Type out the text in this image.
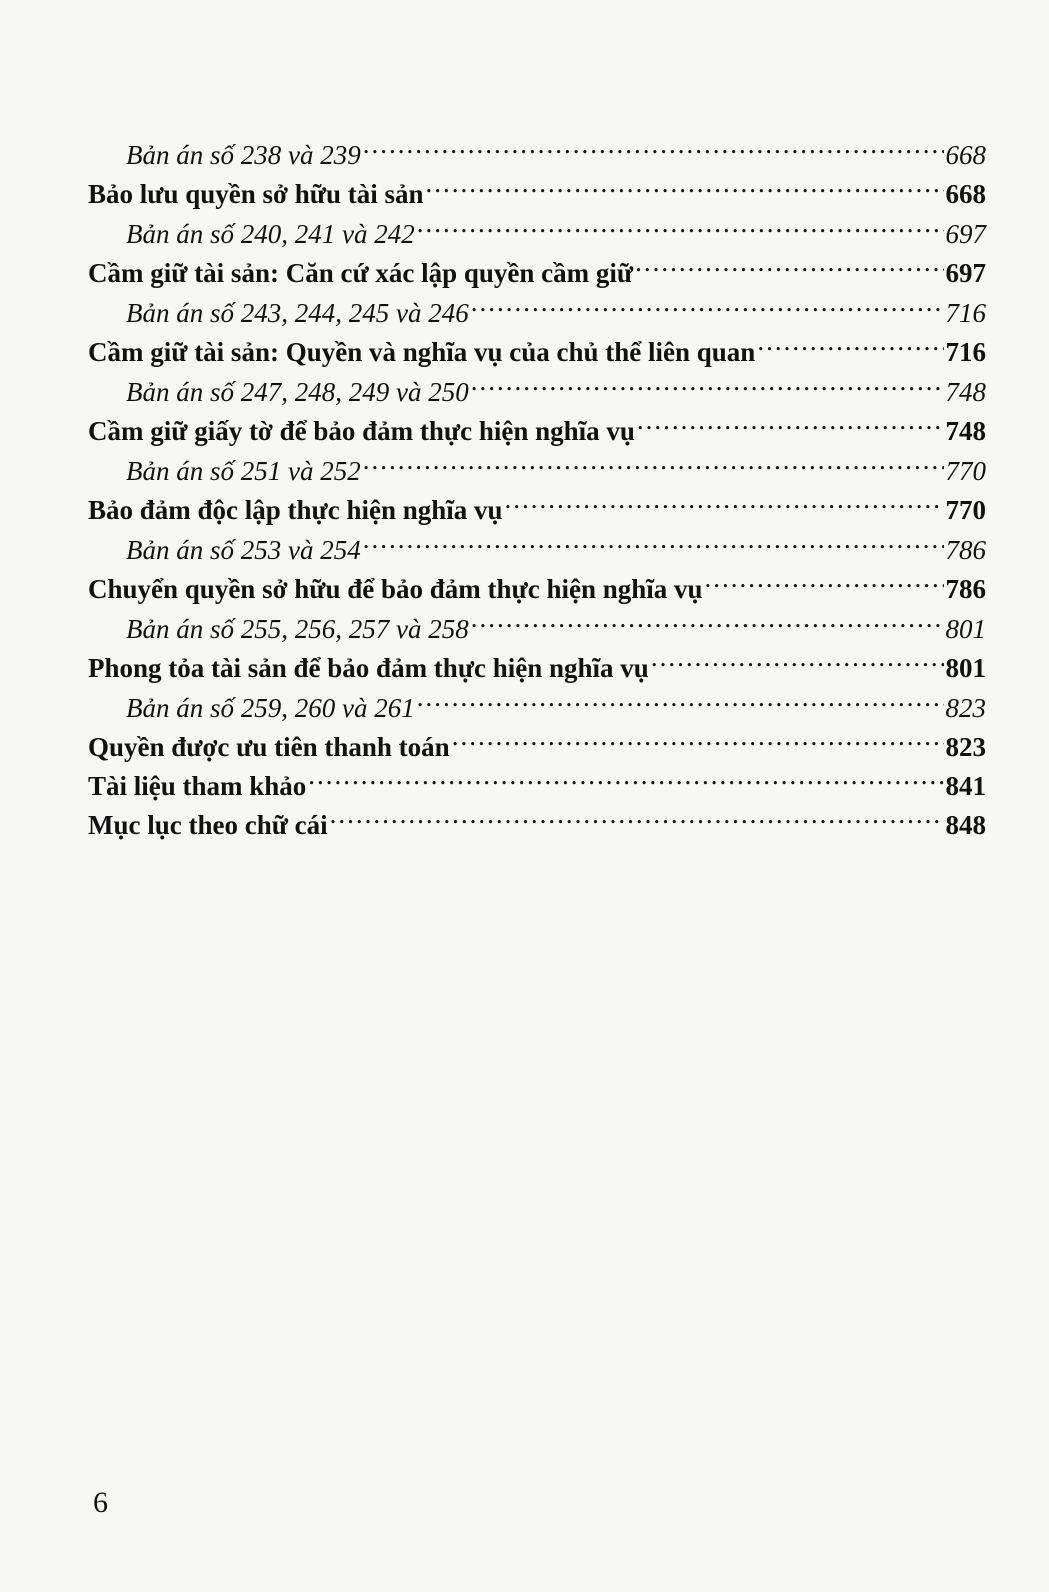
Bản án số 238 và 239 .....	668
Bảo lưu quyền sở hữu tài sản .....	668
Bản án số 240, 241 và 242 .....	697
Cầm giữ tài sản: Căn cứ xác lập quyền cầm giữ .....	697
Bản án số 243, 244, 245 và 246 .....	716
Cầm giữ tài sản: Quyền và nghĩa vụ của chủ thể liên quan .....	716
Bản án số 247, 248, 249 và 250 .....	748
Cầm giữ giấy tờ để bảo đảm thực hiện nghĩa vụ .....	748
Bản án số 251 và 252 .....	770
Bảo đảm độc lập thực hiện nghĩa vụ .....	770
Bản án số 253 và 254 .....	786
Chuyển quyền sở hữu để bảo đảm thực hiện nghĩa vụ .....	786
Bản án số 255, 256, 257 và 258 .....	801
Phong tỏa tài sản để bảo đảm thực hiện nghĩa vụ .....	801
Bản án số 259, 260 và 261 .....	823
Quyền được ưu tiên thanh toán .....	823
Tài liệu tham khảo .....	841
Mục lục theo chữ cái .....	848
6
